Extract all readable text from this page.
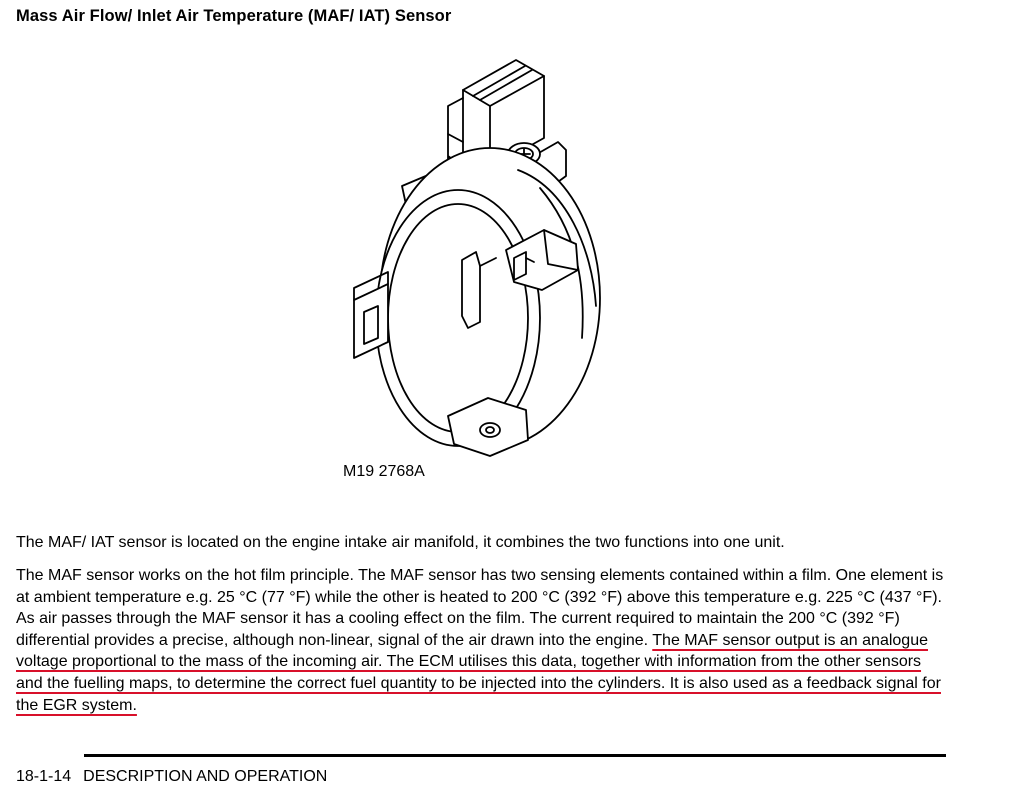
Mass Air Flow/ Inlet Air Temperature (MAF/ IAT) Sensor
M19 2768A

The MAF/ IAT sensor is located on the engine intake air manifold, it combines the two functions into one unit.

The MAF sensor works on the hot film principle. The MAF sensor has two sensing elements contained within a film. One element is at ambient temperature e.g. 25 °C (77 °F) while the other is heated to 200 °C (392 °F) above this temperature e.g. 225 °C (437 °F). As air passes through the MAF sensor it has a cooling effect on the film. The current required to maintain the 200 °C (392 °F) differential provides a precise, although non-linear, signal of the air drawn into the engine. The MAF sensor output is an analogue voltage proportional to the mass of the incoming air. The ECM utilises this data, together with information from the other sensors and the fuelling maps, to determine the correct fuel quantity to be injected into the cylinders. It is also used as a feedback signal for the EGR system.

18-1-14 DESCRIPTION AND OPERATION
